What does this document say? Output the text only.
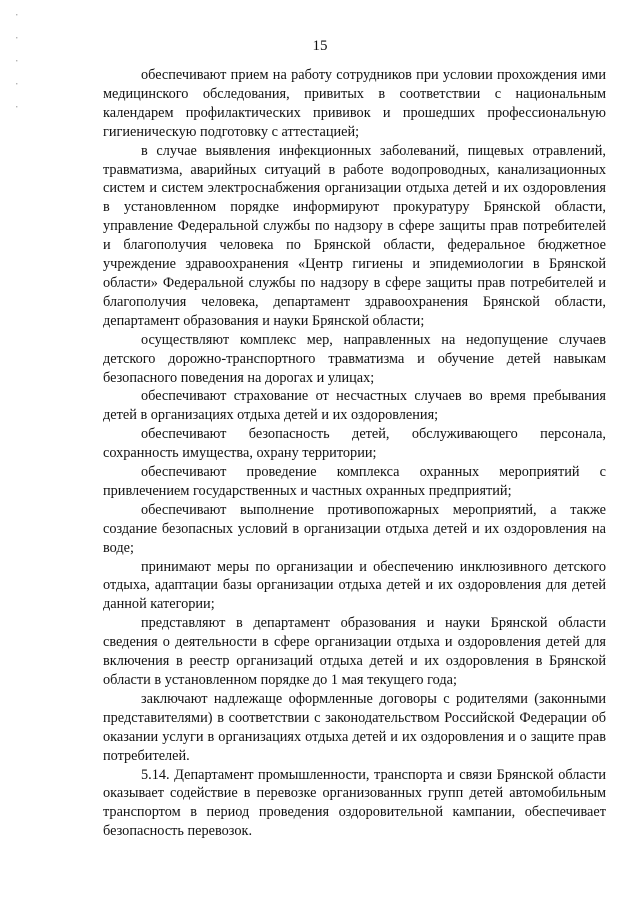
15

обеспечивают прием на работу сотрудников при условии прохождения ими медицинского обследования, привитых в соответствии с национальным календарем профилактических прививок и прошедших профессиональную гигиеническую подготовку с аттестацией;

в случае выявления инфекционных заболеваний, пищевых отравлений, травматизма, аварийных ситуаций в работе водопроводных, канализационных систем и систем электроснабжения организации отдыха детей и их оздоровления в установленном порядке информируют прокуратуру Брянской области, управление Федеральной службы по надзору в сфере защиты прав потребителей и благополучия человека по Брянской области, федеральное бюджетное учреждение здравоохранения «Центр гигиены и эпидемиологии в Брянской области» Федеральной службы по надзору в сфере защиты прав потребителей и благополучия человека, департамент здравоохранения Брянской области, департамент образования и науки Брянской области;

осуществляют комплекс мер, направленных на недопущение случаев детского дорожно-транспортного травматизма и обучение детей навыкам безопасного поведения на дорогах и улицах;

обеспечивают страхование от несчастных случаев во время пребывания детей в организациях отдыха детей и их оздоровления;

обеспечивают безопасность детей, обслуживающего персонала, сохранность имущества, охрану территории;

обеспечивают проведение комплекса охранных мероприятий с привлечением государственных и частных охранных предприятий;

обеспечивают выполнение противопожарных мероприятий, а также создание безопасных условий в организации отдыха детей и их оздоровления на воде;

принимают меры по организации и обеспечению инклюзивного детского отдыха, адаптации базы организации отдыха детей и их оздоровления для детей данной категории;

представляют в департамент образования и науки Брянской области сведения о деятельности в сфере организации отдыха и оздоровления детей для включения в реестр организаций отдыха детей и их оздоровления в Брянской области в установленном порядке до 1 мая текущего года;

заключают надлежаще оформленные договоры с родителями (законными представителями) в соответствии с законодательством Российской Федерации об оказании услуги в организациях отдыха детей и их оздоровления и о защите прав потребителей.

5.14. Департамент промышленности, транспорта и связи Брянской области оказывает содействие в перевозке организованных групп детей автомобильным транспортом в период проведения оздоровительной кампании, обеспечивает безопасность перевозок.
